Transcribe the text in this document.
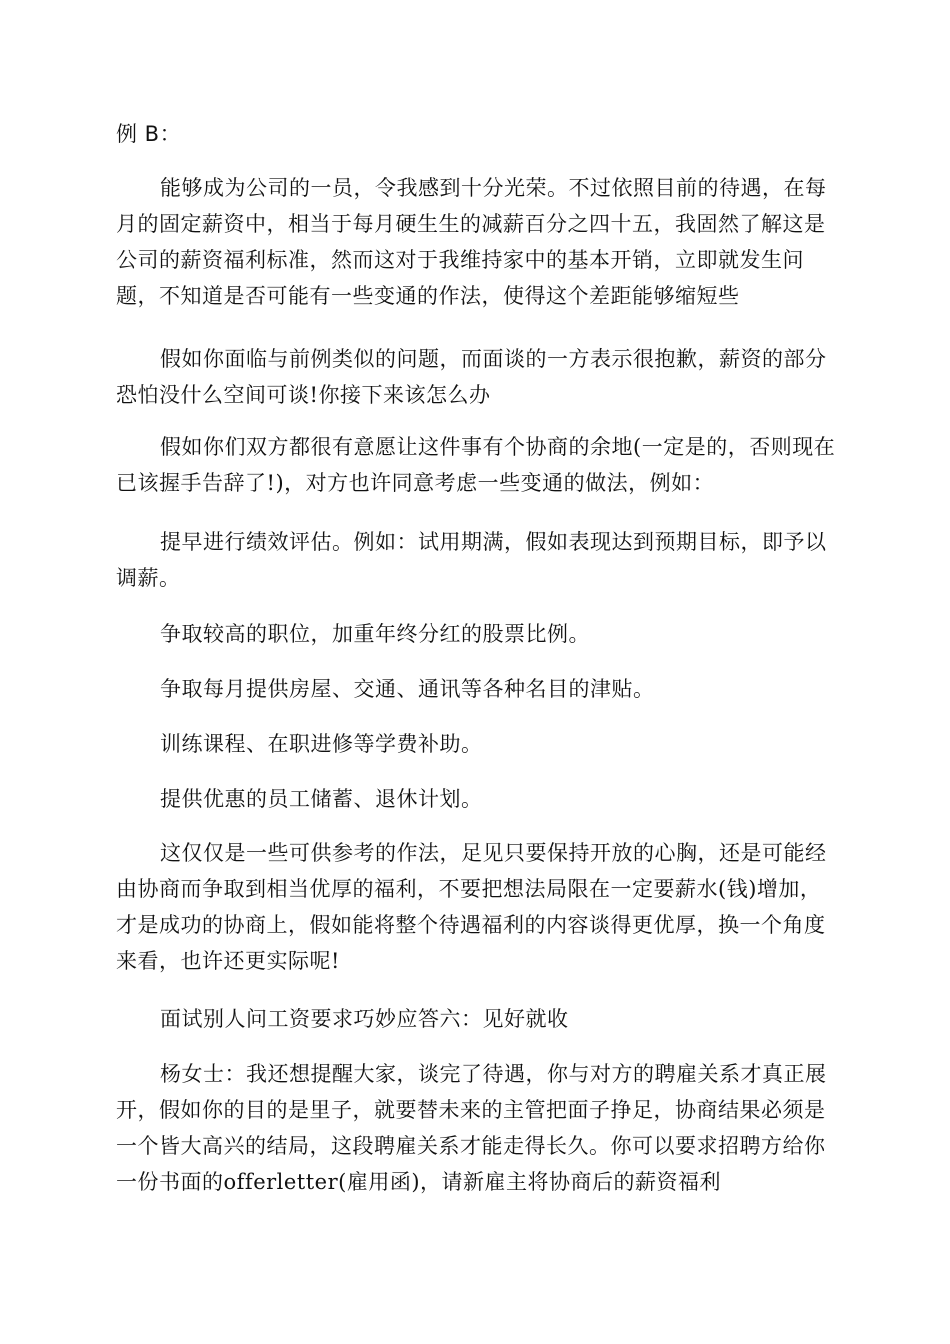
例 B：

能够成为公司的一员，令我感到十分光荣。不过依照目前的待遇，在每月的固定薪资中，相当于每月硬生生的减薪百分之四十五，我固然了解这是公司的薪资福利标准，然而这对于我维持家中的基本开销，立即就发生问题，不知道是否可能有一些变通的作法，使得这个差距能够缩短些

假如你面临与前例类似的问题，而面谈的一方表示很抱歉，薪资的部分恐怕没什么空间可谈!你接下来该怎么办

假如你们双方都很有意愿让这件事有个协商的余地(一定是的，否则现在已该握手告辞了!)，对方也许同意考虑一些变通的做法，例如：

提早进行绩效评估。例如：试用期满，假如表现达到预期目标，即予以调薪。

争取较高的职位，加重年终分红的股票比例。

争取每月提供房屋、交通、通讯等各种名目的津贴。

训练课程、在职进修等学费补助。

提供优惠的员工储蓄、退休计划。

这仅仅是一些可供参考的作法，足见只要保持开放的心胸，还是可能经由协商而争取到相当优厚的福利，不要把想法局限在一定要薪水(钱)增加，才是成功的协商上，假如能将整个待遇福利的内容谈得更优厚，换一个角度来看，也许还更实际呢!

面试别人问工资要求巧妙应答六：见好就收

杨女士：我还想提醒大家，谈完了待遇，你与对方的聘雇关系才真正展开，假如你的目的是里子，就要替未来的主管把面子挣足，协商结果必须是一个皆大高兴的结局，这段聘雇关系才能走得长久。你可以要求招聘方给你一份书面的offerletter(雇用函)，请新雇主将协商后的薪资福利
